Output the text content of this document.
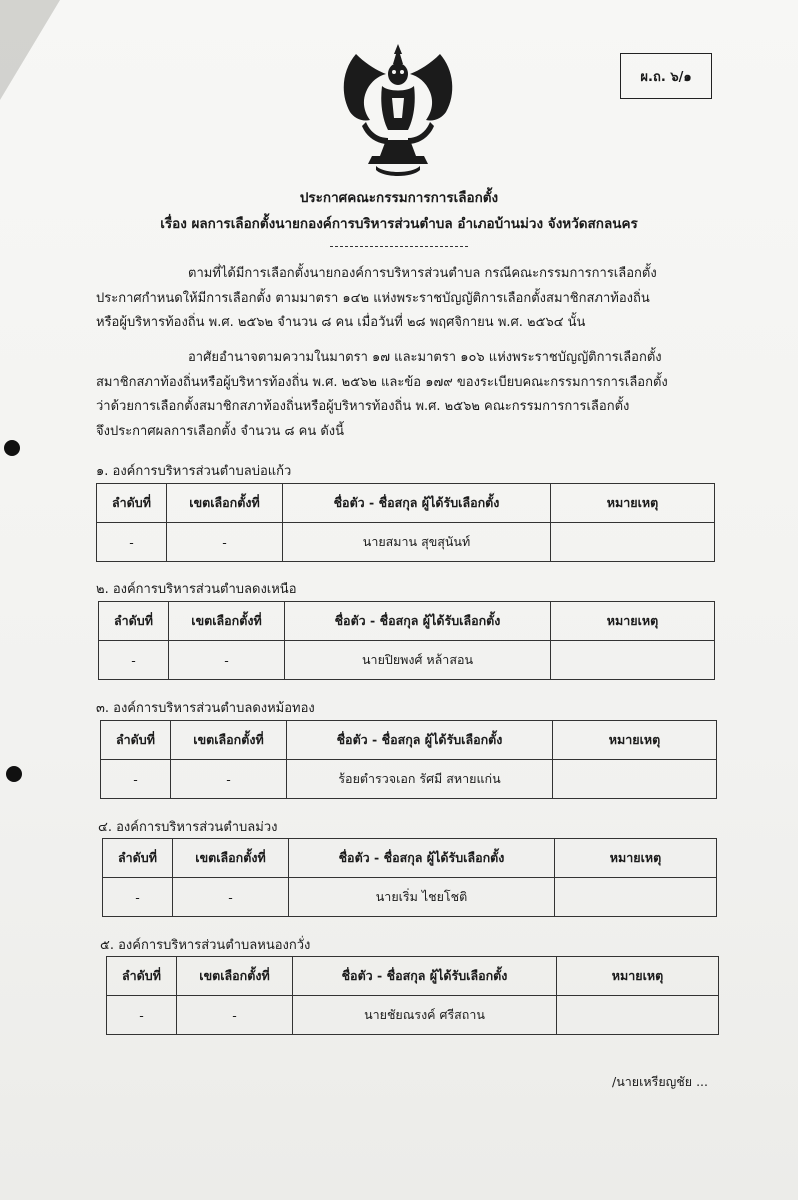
ผ.ถ. ๖/๑
ประกาศคณะกรรมการการเลือกตั้ง
เรื่อง ผลการเลือกตั้งนายกองค์การบริหารส่วนตำบล อำเภอบ้านม่วง จังหวัดสกลนคร
ตามที่ได้มีการเลือกตั้งนายกองค์การบริหารส่วนตำบล กรณีคณะกรรมการการเลือกตั้ง
ประกาศกำหนดให้มีการเลือกตั้ง ตามมาตรา ๑๔๒ แห่งพระราชบัญญัติการเลือกตั้งสมาชิกสภาท้องถิ่น
หรือผู้บริหารท้องถิ่น พ.ศ. ๒๕๖๒ จำนวน ๘ คน เมื่อวันที่ ๒๘ พฤศจิกายน พ.ศ. ๒๕๖๔ นั้น
อาศัยอำนาจตามความในมาตรา ๑๗ และมาตรา ๑๐๖ แห่งพระราชบัญญัติการเลือกตั้ง
สมาชิกสภาท้องถิ่นหรือผู้บริหารท้องถิ่น พ.ศ. ๒๕๖๒ และข้อ ๑๗๙ ของระเบียบคณะกรรมการการเลือกตั้ง
ว่าด้วยการเลือกตั้งสมาชิกสภาท้องถิ่นหรือผู้บริหารท้องถิ่น พ.ศ. ๒๕๖๒ คณะกรรมการการเลือกตั้ง
จึงประกาศผลการเลือกตั้ง จำนวน ๘ คน ดังนี้
๑. องค์การบริหารส่วนตำบลบ่อแก้ว
ลำดับที่	เขตเลือกตั้งที่	ชื่อตัว - ชื่อสกุล ผู้ได้รับเลือกตั้ง	หมายเหตุ
-	-	นายสมาน สุขสุนันท์	
๒. องค์การบริหารส่วนตำบลดงเหนือ
ลำดับที่	เขตเลือกตั้งที่	ชื่อตัว - ชื่อสกุล ผู้ได้รับเลือกตั้ง	หมายเหตุ
-	-	นายปิยพงศ์ หล้าสอน	
๓. องค์การบริหารส่วนตำบลดงหม้อทอง
ลำดับที่	เขตเลือกตั้งที่	ชื่อตัว - ชื่อสกุล ผู้ได้รับเลือกตั้ง	หมายเหตุ
-	-	ร้อยตำรวจเอก รัศมี สหายแก่น	
๔. องค์การบริหารส่วนตำบลม่วง
ลำดับที่	เขตเลือกตั้งที่	ชื่อตัว - ชื่อสกุล ผู้ได้รับเลือกตั้ง	หมายเหตุ
-	-	นายเริ่ม ไชยโชติ	
๕. องค์การบริหารส่วนตำบลหนองกวั่ง
ลำดับที่	เขตเลือกตั้งที่	ชื่อตัว - ชื่อสกุล ผู้ได้รับเลือกตั้ง	หมายเหตุ
-	-	นายชัยณรงค์ ศรีสถาน	
/นายเหรียญชัย ...
